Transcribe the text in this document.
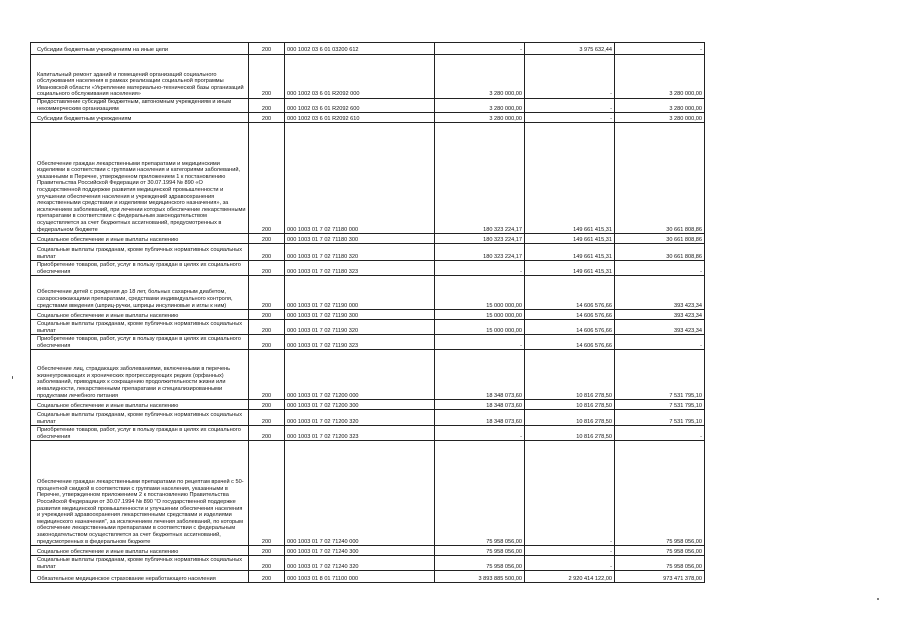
Субсидии бюджетным учреждениям на иные цели	200	000 1002 03 6 01 03200 612	-	3 975 632,44	-
Капитальный ремонт зданий и помещений организаций социального обслуживания населения в рамках реализации социальной программы Ивановской области «Укрепление материально-технической базы организаций социального обслуживания населения»	200	000 1002 03 6 01 R2092 000	3 280 000,00	-	3 280 000,00
Предоставление субсидий бюджетным, автономным учреждениям и иным некоммерческим организациям	200	000 1002 03 6 01 R2092 600	3 280 000,00	-	3 280 000,00
Субсидии бюджетным учреждениям	200	000 1002 03 6 01 R2092 610	3 280 000,00	-	3 280 000,00
Обеспечение граждан лекарственными препаратами и медицинскими изделиями в соответствии с группами населения и категориями заболеваний, указанными в Перечне, утвержденном приложением 1 к постановлению Правительства Российской Федерации от 30.07.1994 № 890 «О государственной поддержке развития медицинской промышленности и улучшении обеспечения населения и учреждений здравоохранения лекарственными средствами и изделиями медицинского назначения», за исключением заболеваний, при лечении которых обеспечение лекарственными препаратами в соответствии с федеральным законодательством осуществляется за счет бюджетных ассигнований, предусмотренных в федеральном бюджете	200	000 1003 01 7 02 71180 000	180 323 224,17	149 661 415,31	30 661 808,86
Социальное обеспечение и иные выплаты населению	200	000 1003 01 7 02 71180 300	180 323 224,17	149 661 415,31	30 661 808,86
Социальные выплаты гражданам, кроме публичных нормативных социальных выплат	200	000 1003 01 7 02 71180 320	180 323 224,17	149 661 415,31	30 661 808,86
Приобретение товаров, работ, услуг в пользу граждан в целях их социального обеспечения	200	000 1003 01 7 02 71180 323	-	149 661 415,31	-
Обеспечение детей с рождения до 18 лет, больных сахарным диабетом, сахароснижающими препаратами, средствами индивидуального контроля, средствами введения (шприц-ручки, шприцы инсулиновые и иглы к ним)	200	000 1003 01 7 02 71190 000	15 000 000,00	14 606 576,66	393 423,34
Социальное обеспечение и иные выплаты населению	200	000 1003 01 7 02 71190 300	15 000 000,00	14 606 576,66	393 423,34
Социальные выплаты гражданам, кроме публичных нормативных социальных выплат	200	000 1003 01 7 02 71190 320	15 000 000,00	14 606 576,66	393 423,34
Приобретение товаров, работ, услуг в пользу граждан в целях их социального обеспечения	200	000 1003 01 7 02 71190 323	-	14 606 576,66	-
Обеспечение лиц, страдающих заболеваниями, включенными в перечень жизнеугрожающих и хронических прогрессирующих редких (орфанных) заболеваний, приводящих к сокращению продолжительности жизни или инвалидности, лекарственными препаратами и специализированными продуктами лечебного питания	200	000 1003 01 7 02 71200 000	18 348 073,60	10 816 278,50	7 531 795,10
Социальное обеспечение и иные выплаты населению	200	000 1003 01 7 02 71200 300	18 348 073,60	10 816 278,50	7 531 795,10
Социальные выплаты гражданам, кроме публичных нормативных социальных выплат	200	000 1003 01 7 02 71200 320	18 348 073,60	10 816 278,50	7 531 795,10
Приобретение товаров, работ, услуг в пользу граждан в целях их социального обеспечения	200	000 1003 01 7 02 71200 323	-	10 816 278,50	-
Обеспечение граждан лекарственными препаратами по рецептам врачей с 50-процентной скидкой в соответствии с группами населения, указанными в Перечне, утвержденном приложением 2 к постановлению Правительства Российской Федерации от 30.07.1994 № 890 "О государственной поддержке развития медицинской промышленности и улучшении обеспечения населения и учреждений здравоохранения лекарственными средствами и изделиями медицинского назначения", за исключением лечения заболеваний, по которым обеспечение лекарственными препаратами в соответствии с федеральным законодательством осуществляется за счет бюджетных ассигнований, предусмотренных в федеральном бюджете	200	000 1003 01 7 02 71240 000	75 958 056,00	-	75 958 056,00
Социальное обеспечение и иные выплаты населению	200	000 1003 01 7 02 71240 300	75 958 056,00	-	75 958 056,00
Социальные выплаты гражданам, кроме публичных нормативных социальных выплат	200	000 1003 01 7 02 71240 320	75 958 056,00	-	75 958 056,00
Обязательное медицинское страхование неработающего населения	200	000 1003 01 8 01 71100 000	3 893 885 500,00	2 920 414 122,00	973 471 378,00
